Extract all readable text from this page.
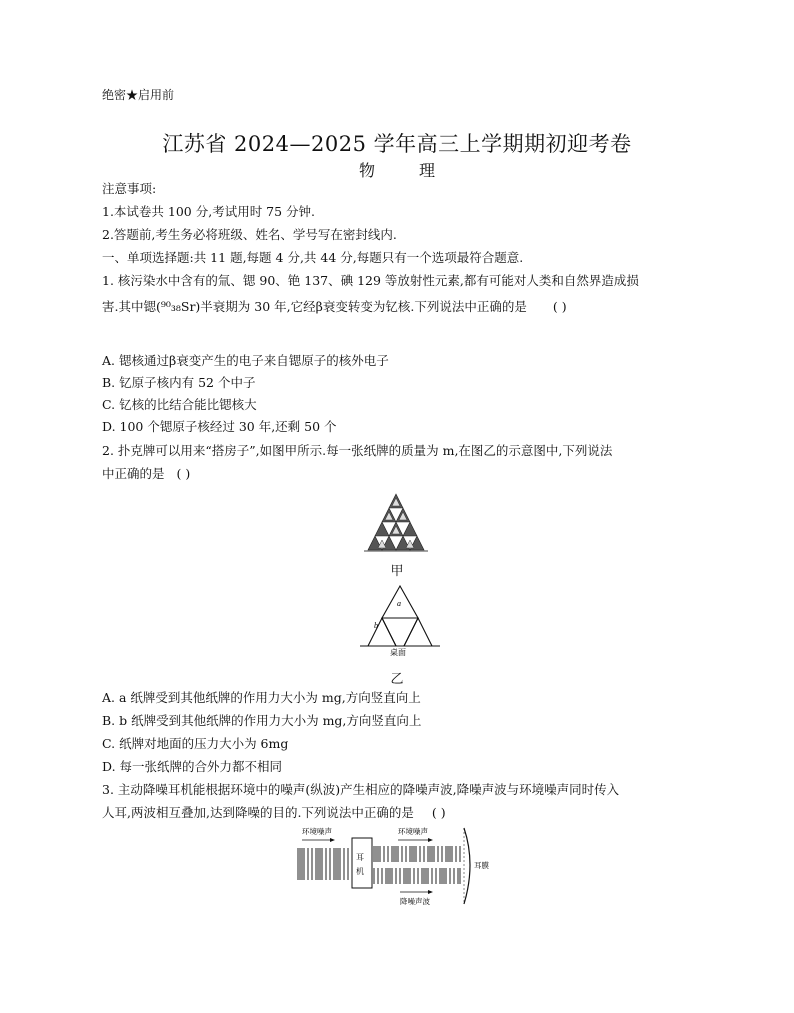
绝密★启用前
江苏省 2024—2025 学年高三上学期期初迎考卷
物	理
注意事项:
1.本试卷共 100 分,考试用时 75 分钟.
2.答题前,考生务必将班级、姓名、学号写在密封线内.
一、单项选择题:共 11 题,每题 4 分,共 44 分,每题只有一个选项最符合题意.
1. 核污染水中含有的氚、锶 90、铯 137、碘 129 等放射性元素,都有可能对人类和自然界造成损
害.其中锶(⁹⁰₃₈Sr)半衰期为 30 年,它经β衰变转变为钇核.下列说法中正确的是 ( )
A. 锶核通过β衰变产生的电子来自锶原子的核外电子
B. 钇原子核内有 52 个中子
C. 钇核的比结合能比锶核大
D. 100 个锶原子核经过 30 年,还剩 50 个
2. 扑克牌可以用来“搭房子”,如图甲所示.每一张纸牌的质量为 m,在图乙的示意图中,下列说法
中正确的是 ( )
甲
a
b
桌面
乙
A. a 纸牌受到其他纸牌的作用力大小为 mg,方向竖直向上
B. b 纸牌受到其他纸牌的作用力大小为 mg,方向竖直向上
C. 纸牌对地面的压力大小为 6mg
D. 每一张纸牌的合外力都不相同
3. 主动降噪耳机能根据环境中的噪声(纵波)产生相应的降噪声波,降噪声波与环境噪声同时传入
人耳,两波相互叠加,达到降噪的目的.下列说法中正确的是 ( )
耳
机
环境噪声	环境噪声
降噪声波
耳膜
